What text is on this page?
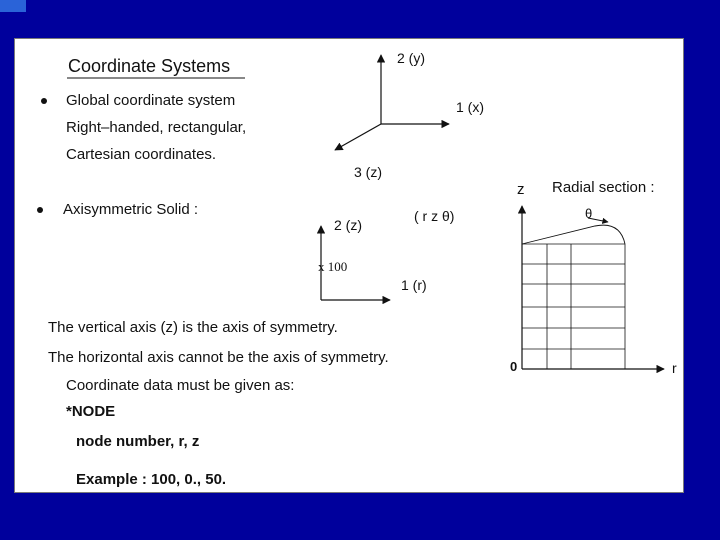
Coordinate Systems
Global coordinate system
Right–handed, rectangular,
Cartesian coordinates.
Axisymmetric Solid :
2 (y)
1 (x)
3 (z)
2 (z)
1 (r)
x 100
( r z θ)
Radial section :
z
θ
0	r
The vertical axis (z) is the axis of symmetry.
The horizontal axis cannot be the axis of symmetry.
Coordinate data must be given as:
*NODE
node number, r, z
Example : 100, 0., 50.
